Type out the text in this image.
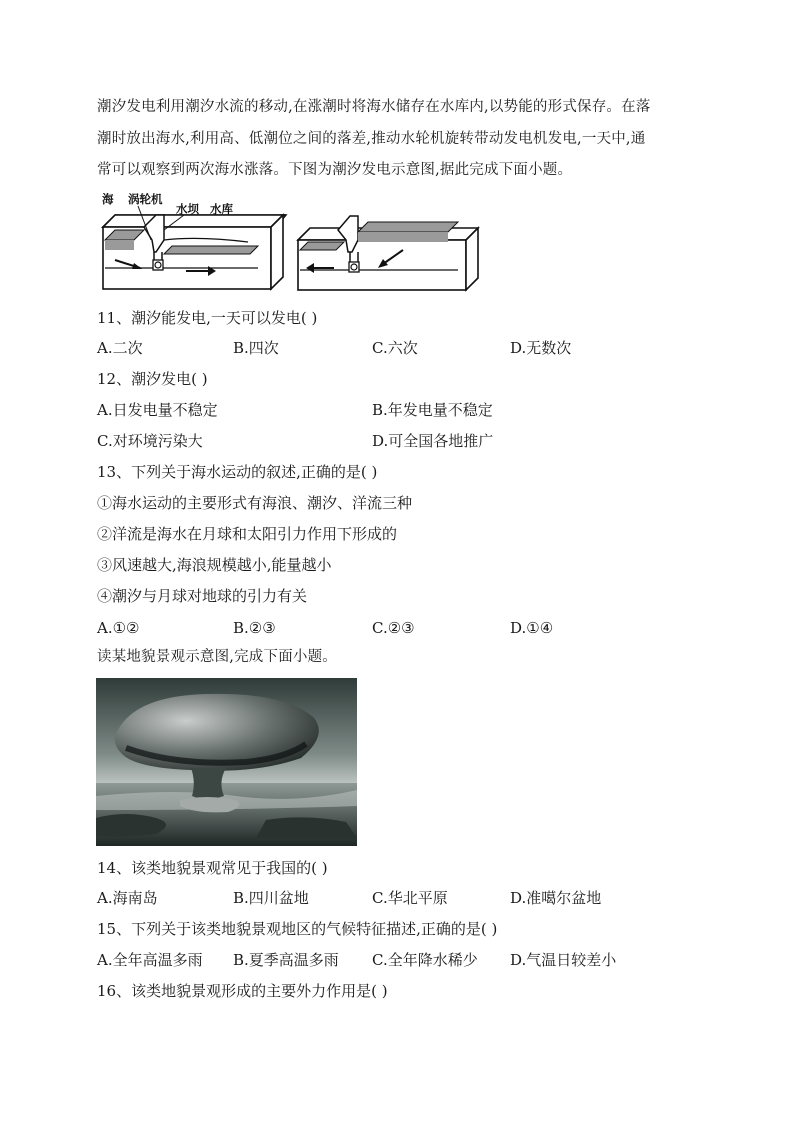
潮汐发电利用潮汐水流的移动,在涨潮时将海水储存在水库内,以势能的形式保存。在落
潮时放出海水,利用高、低潮位之间的落差,推动水轮机旋转带动发电机发电,一天中,通
常可以观察到两次海水涨落。下图为潮汐发电示意图,据此完成下面小题。
海 涡轮机
水坝 水库
11、潮汐能发电,一天可以发电( )
A.二次	B.四次	C.六次	D.无数次
12、潮汐发电( )
A.日发电量不稳定	B.年发电量不稳定
C.对环境污染大	D.可全国各地推广
13、下列关于海水运动的叙述,正确的是( )
①海水运动的主要形式有海浪、潮汐、洋流三种
②洋流是海水在月球和太阳引力作用下形成的
③风速越大,海浪规模越小,能量越小
④潮汐与月球对地球的引力有关
A.①②	B.②③	C.②③	D.①④
读某地貌景观示意图,完成下面小题。
14、该类地貌景观常见于我国的( )
A.海南岛	B.四川盆地	C.华北平原	D.准噶尔盆地
15、下列关于该类地貌景观地区的气候特征描述,正确的是( )
A.全年高温多雨 B.夏季高温多雨 C.全年降水稀少 D.气温日较差小
16、该类地貌景观形成的主要外力作用是( )
